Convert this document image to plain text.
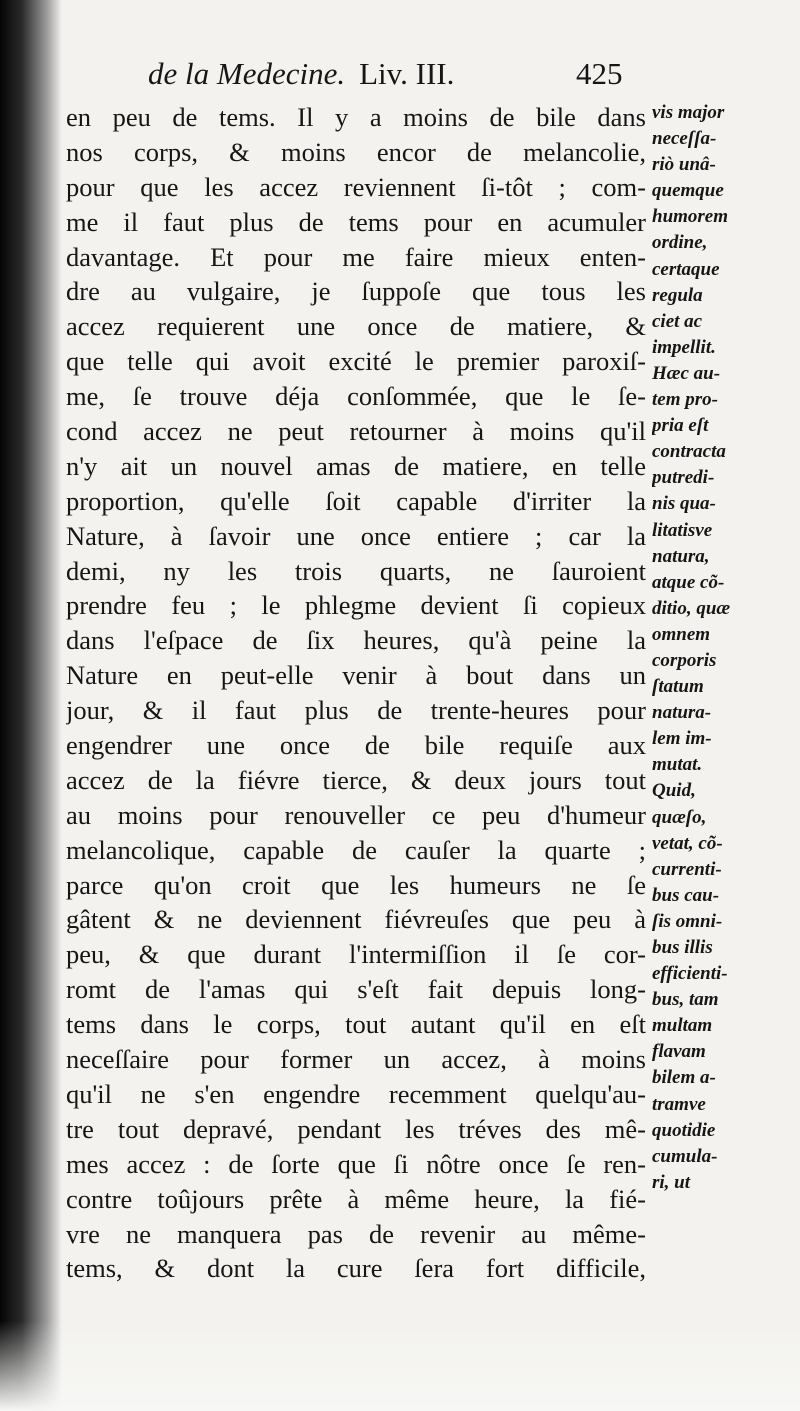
de la Medecine. Liv. III.	425
en peu de tems. Il y a moins de bile dans
nos corps, & moins encor de melancolie,
pour que les accez reviennent ſi-tôt ; com-
me il faut plus de tems pour en acumuler
davantage. Et pour me faire mieux enten-
dre au vulgaire, je ſuppoſe que tous les
accez requierent une once de matiere, &
que telle qui avoit excité le premier paroxiſ-
me, ſe trouve déja conſommée, que le ſe-
cond accez ne peut retourner à moins qu'il
n'y ait un nouvel amas de matiere, en telle
proportion, qu'elle ſoit capable d'irriter la
Nature, à ſavoir une once entiere ; car la
demi, ny les trois quarts, ne ſauroient
prendre feu ; le phlegme devient ſi copieux
dans l'eſpace de ſix heures, qu'à peine la
Nature en peut-elle venir à bout dans un
jour, & il faut plus de trente-heures pour
engendrer une once de bile requiſe aux
accez de la fiévre tierce, & deux jours tout
au moins pour renouveller ce peu d'humeur
melancolique, capable de cauſer la quarte ;
parce qu'on croit que les humeurs ne ſe
gâtent & ne deviennent fiévreuſes que peu à
peu, & que durant l'intermiſſion il ſe cor-
romt de l'amas qui s'eſt fait depuis long-
tems dans le corps, tout autant qu'il en eſt
neceſſaire pour former un accez, à moins
qu'il ne s'en engendre recemment quelqu'au-
tre tout depravé, pendant les tréves des mê-
mes accez : de ſorte que ſi nôtre once ſe ren-
contre toûjours prête à même heure, la fié-
vre ne manquera pas de revenir au même-
tems, & dont la cure ſera fort difficile,
vis major
neceſſa-
riò unâ-
quemque
humorem
ordine,
certaque
regula
ciet ac
impellit.
Hæc au-
tem pro-
pria eſt
contracta
putredi-
nis qua-
litatisve
natura,
atque cõ-
ditio, quæ
omnem
corporis
ſtatum
natura-
lem im-
mutat.
Quid,
quæſo,
vetat, cõ-
currenti-
bus cau-
ſis omni-
bus illis
efficienti-
bus, tam
multam
flavam
bilem a-
tramve
quotidie
cumula-
ri, ut
